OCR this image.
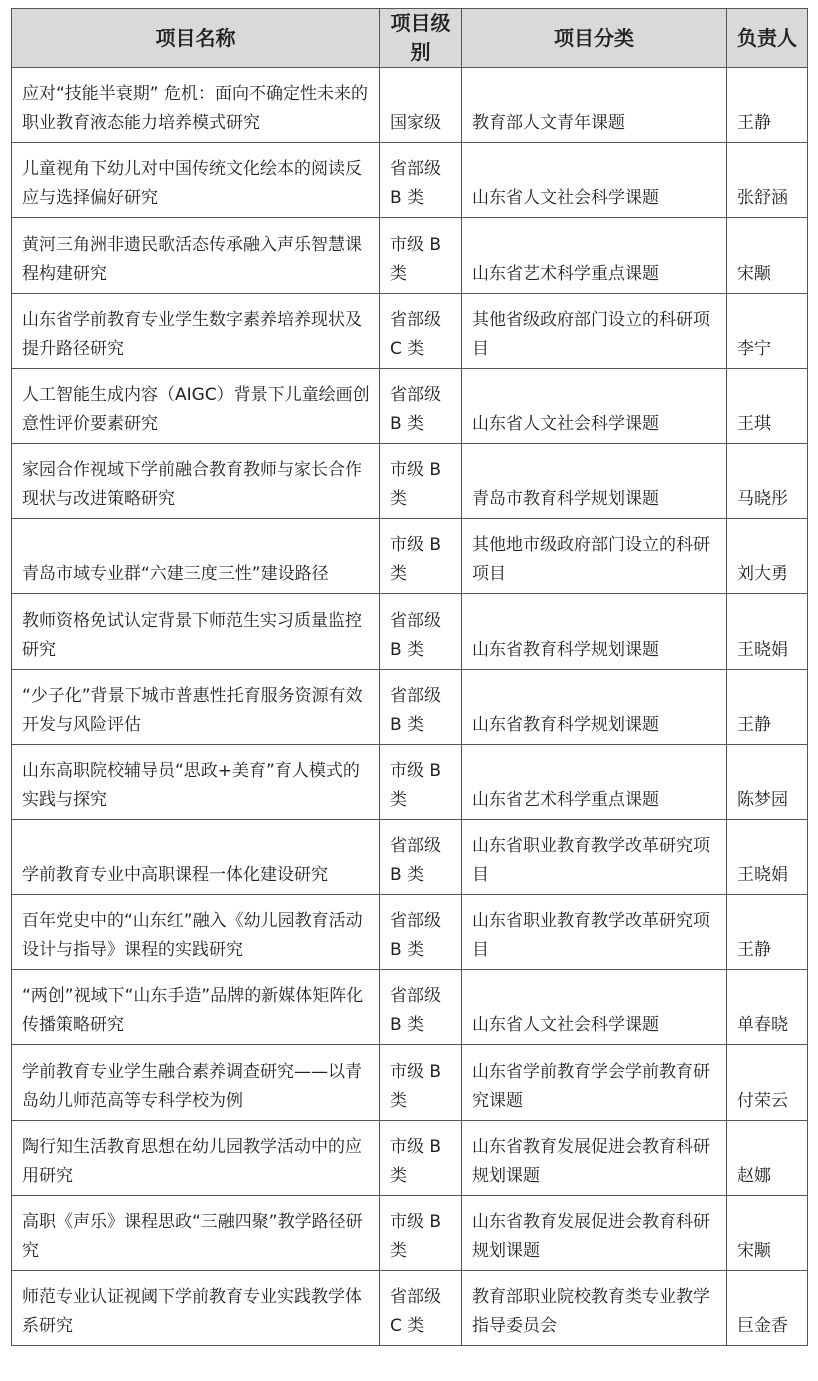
项目名称	项目级别	项目分类	负责人
应对“技能半衰期” 危机：面向不确定性未来的职业教育液态能力培养模式研究	国家级	教育部人文青年课题	王静
儿童视角下幼儿对中国传统文化绘本的阅读反应与选择偏好研究	省部级 B 类	山东省人文社会科学课题	张舒涵
黄河三角洲非遗民歌活态传承融入声乐智慧课程构建研究	市级 B 类	山东省艺术科学重点课题	宋颙
山东省学前教育专业学生数字素养培养现状及提升路径研究	省部级 C 类	其他省级政府部门设立的科研项目	李宁
人工智能生成内容（AIGC）背景下儿童绘画创意性评价要素研究	省部级 B 类	山东省人文社会科学课题	王琪
家园合作视域下学前融合教育教师与家长合作现状与改进策略研究	市级 B 类	青岛市教育科学规划课题	马晓彤
青岛市域专业群“六建三度三性”建设路径	市级 B 类	其他地市级政府部门设立的科研项目	刘大勇
教师资格免试认定背景下师范生实习质量监控研究	省部级 B 类	山东省教育科学规划课题	王晓娟
“少子化”背景下城市普惠性托育服务资源有效开发与风险评估	省部级 B 类	山东省教育科学规划课题	王静
山东高职院校辅导员“思政+美育”育人模式的实践与探究	市级 B 类	山东省艺术科学重点课题	陈梦园
学前教育专业中高职课程一体化建设研究	省部级 B 类	山东省职业教育教学改革研究项目	王晓娟
百年党史中的“山东红”融入《幼儿园教育活动设计与指导》课程的实践研究	省部级 B 类	山东省职业教育教学改革研究项目	王静
“两创”视域下“山东手造”品牌的新媒体矩阵化传播策略研究	省部级 B 类	山东省人文社会科学课题	单春晓
学前教育专业学生融合素养调查研究——以青岛幼儿师范高等专科学校为例	市级 B 类	山东省学前教育学会学前教育研究课题	付荣云
陶行知生活教育思想在幼儿园教学活动中的应用研究	市级 B 类	山东省教育发展促进会教育科研规划课题	赵娜
高职《声乐》课程思政“三融四聚”教学路径研究	市级 B 类	山东省教育发展促进会教育科研规划课题	宋颙
师范专业认证视阈下学前教育专业实践教学体系研究	省部级 C 类	教育部职业院校教育类专业教学指导委员会	巨金香
